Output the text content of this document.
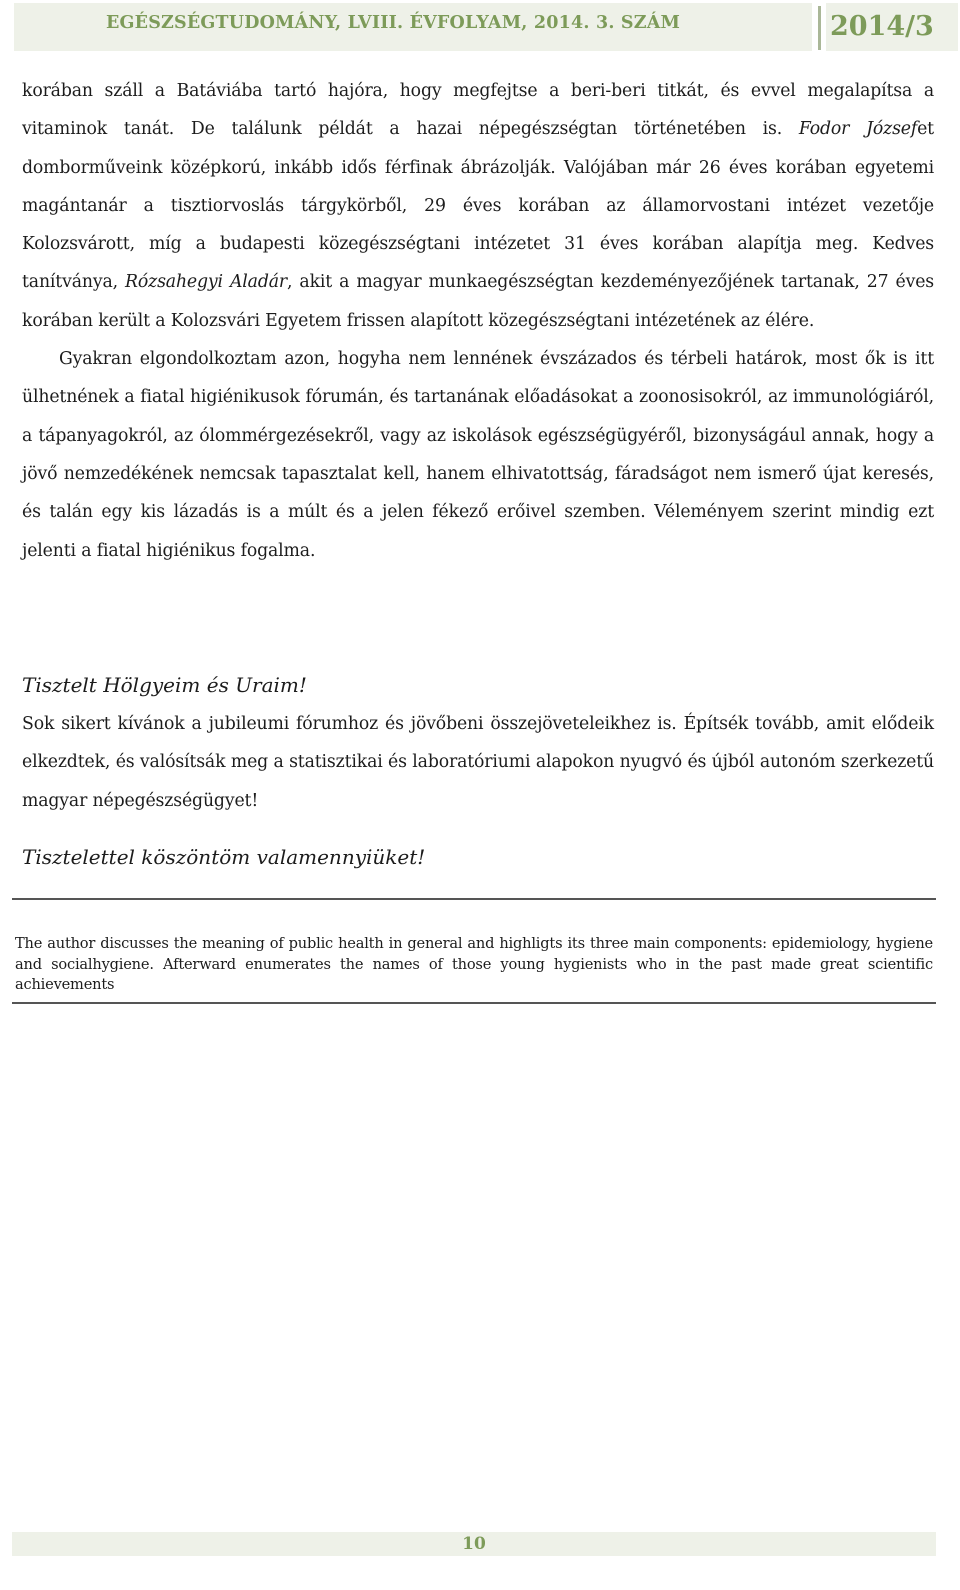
EGÉSZSÉGTUDOMÁNY, LVIII. ÉVFOLYAM, 2014. 3. SZÁM	2014/3

korában száll a Batáviába tartó hajóra, hogy megfejtse a beri-beri titkát, és evvel megalapítsa a vitaminok tanát. De találunk példát a hazai népegészségtan történetében is. Fodor Józsefet domborműveink középkorú, inkább idős férfinak ábrázolják. Valójában már 26 éves korában egyetemi magántanár a tisztiorvoslás tárgykörből, 29 éves korában az államorvostani intézet vezetője Kolozsvárott, míg a budapesti közegészségtani intézetet 31 éves korában alapítja meg. Kedves tanítványa, Rózsahegyi Aladár, akit a magyar munkaegészségtan kezdeményezőjének tartanak, 27 éves korában került a Kolozsvári Egyetem frissen alapított közegészségtani intézetének az élére.

Gyakran elgondolkoztam azon, hogyha nem lennének évszázados és térbeli határok, most ők is itt ülhetnének a fiatal higiénikusok fórumán, és tartanának előadásokat a zoonosisokról, az immunológiáról, a tápanyagokról, az ólommérgezésekről, vagy az iskolások egészségügyéről, bizonyságául annak, hogy a jövő nemzedékének nemcsak tapasztalat kell, hanem elhivatottság, fáradságot nem ismerő újat keresés, és talán egy kis lázadás is a múlt és a jelen fékező erőivel szemben. Véleményem szerint mindig ezt jelenti a fiatal higiénikus fogalma.

Tisztelt Hölgyeim és Uraim!

Sok sikert kívánok a jubileumi fórumhoz és jövőbeni összejöveteleikhez is. Építsék tovább, amit elődeik elkezdtek, és valósítsák meg a statisztikai és laboratóriumi alapokon nyugvó és újból autonóm szerkezetű magyar népegészségügyet!

Tisztelettel köszöntöm valamennyiüket!

The author discusses the meaning of public health in general and highligts its three main components: epidemiology, hygiene and socialhygiene. Afterward enumerates the names of those young hygienists who in the past made great scientific achievements

10
